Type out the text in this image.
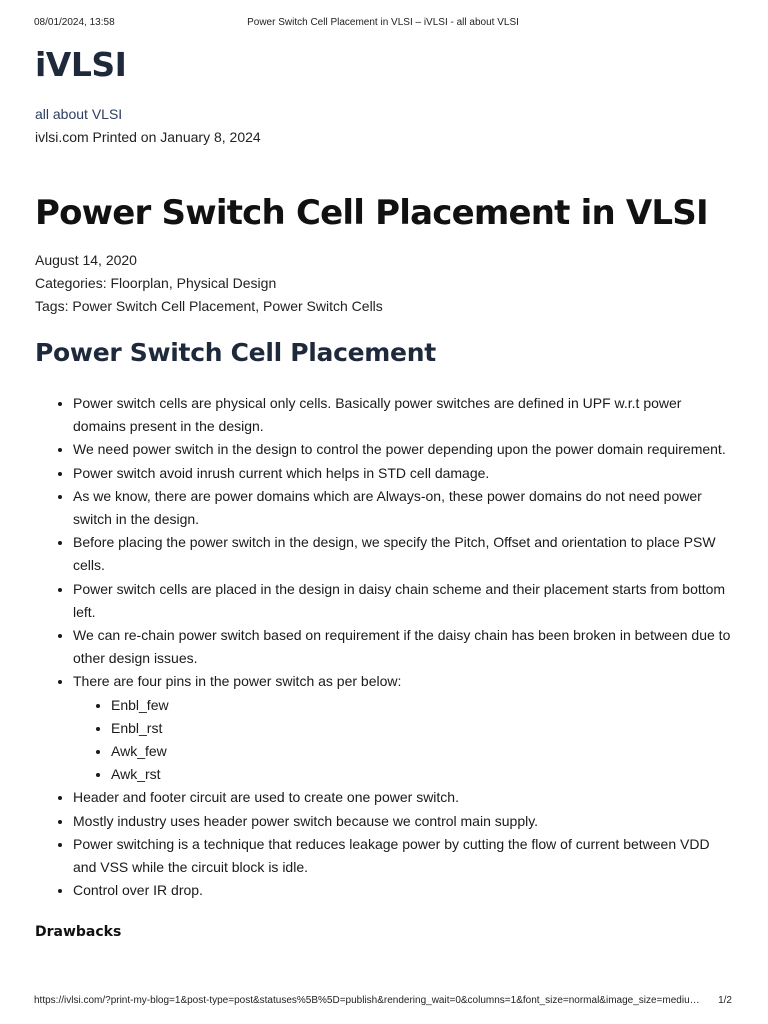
08/01/2024, 13:58	Power Switch Cell Placement in VLSI – iVLSI - all about VLSI
iVLSI
all about VLSI
ivlsi.com Printed on January 8, 2024
Power Switch Cell Placement in VLSI
August 14, 2020
Categories: Floorplan, Physical Design
Tags: Power Switch Cell Placement, Power Switch Cells
Power Switch Cell Placement
• Power switch cells are physical only cells. Basically power switches are defined in UPF w.r.t power domains present in the design.
• We need power switch in the design to control the power depending upon the power domain requirement.
• Power switch avoid inrush current which helps in STD cell damage.
• As we know, there are power domains which are Always-on, these power domains do not need power switch in the design.
• Before placing the power switch in the design, we specify the Pitch, Offset and orientation to place PSW cells.
• Power switch cells are placed in the design in daisy chain scheme and their placement starts from bottom left.
• We can re-chain power switch based on requirement if the daisy chain has been broken in between due to other design issues.
• There are four pins in the power switch as per below:
• Enbl_few
• Enbl_rst
• Awk_few
• Awk_rst
• Header and footer circuit are used to create one power switch.
• Mostly industry uses header power switch because we control main supply.
• Power switching is a technique that reduces leakage power by cutting the flow of current between VDD and VSS while the circuit block is idle.
• Control over IR drop.
Drawbacks
https://ivlsi.com/?print-my-blog=1&post-type=post&statuses%5B%5D=publish&rendering_wait=0&columns=1&font_size=normal&image_size=mediu…	1/2
